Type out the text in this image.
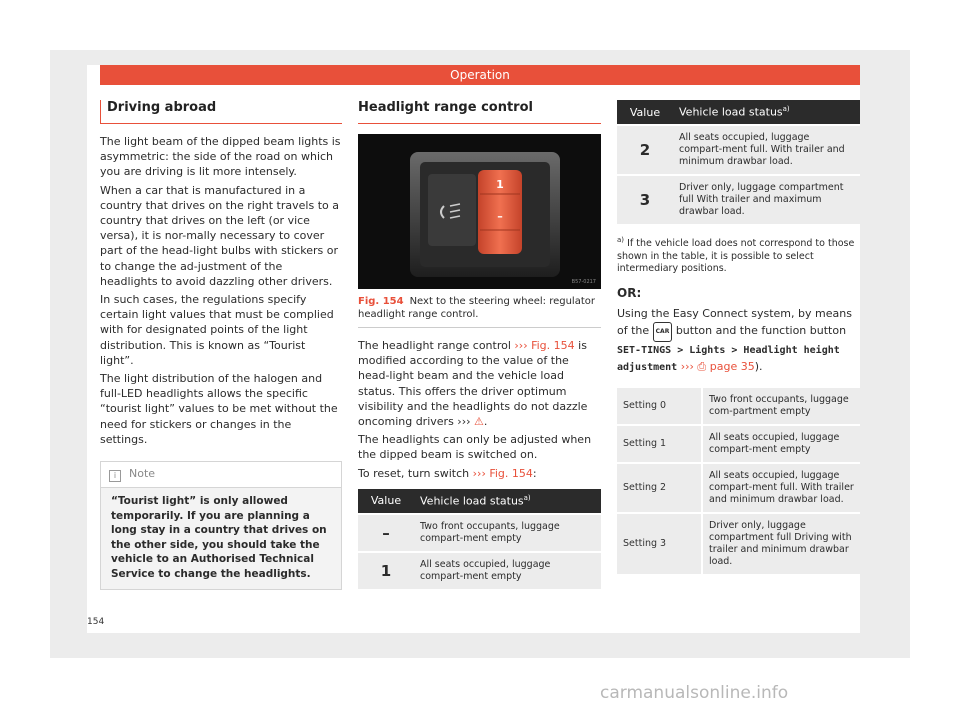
Operation
Driving abroad

The light beam of the dipped beam lights is asymmetric: the side of the road on which you are driving is lit more intensely.

When a car that is manufactured in a country that drives on the right travels to a country that drives on the left (or vice versa), it is nor-mally necessary to cover part of the head-light bulbs with stickers or to change the ad-justment of the headlights to avoid dazzling other drivers.

In such cases, the regulations specify certain light values that must be complied with for designated points of the light distribution. This is known as “Tourist light”.

The light distribution of the halogen and full-LED headlights allows the specific “tourist light” values to be met without the need for stickers or changes in the settings.

i Note
“Tourist light” is only allowed temporarily. If you are planning a long stay in a country that drives on the other side, you should take the vehicle to an Authorised Technical Service to change the headlights.
Headlight range control
1
–
B57-0217
Fig. 154 Next to the steering wheel: regulator headlight range control.

The headlight range control ››› Fig. 154 is modified according to the value of the head-light beam and the vehicle load status. This offers the driver optimum visibility and the headlights do not dazzle oncoming drivers ››› ⚠.

The headlights can only be adjusted when the dipped beam is switched on.

To reset, turn switch ››› Fig. 154:

Value	Vehicle load status$^{a)}$
–	Two front occupants, luggage compart-ment empty
1	All seats occupied, luggage compart-ment empty
Value	Vehicle load status$^{a)}$
2	All seats occupied, luggage compart-ment full. With trailer and minimum drawbar load.
3	Driver only, luggage compartment full With trailer and maximum drawbar load.
$^{a)}$ If the vehicle load does not correspond to those shown in the table, it is possible to select intermediary positions.
OR:

Using the Easy Connect system, by means of the CAR button and the function button SET-TINGS > Lights > Headlight height adjustment ››› ⎙ page 35).

Setting 0	Two front occupants, luggage com-partment empty
Setting 1	All seats occupied, luggage compart-ment empty
Setting 2	All seats occupied, luggage compart-ment full. With trailer and minimum drawbar load.
Setting 3	Driver only, luggage compartment full Driving with trailer and minimum drawbar load.
154
carmanualsonline.info
